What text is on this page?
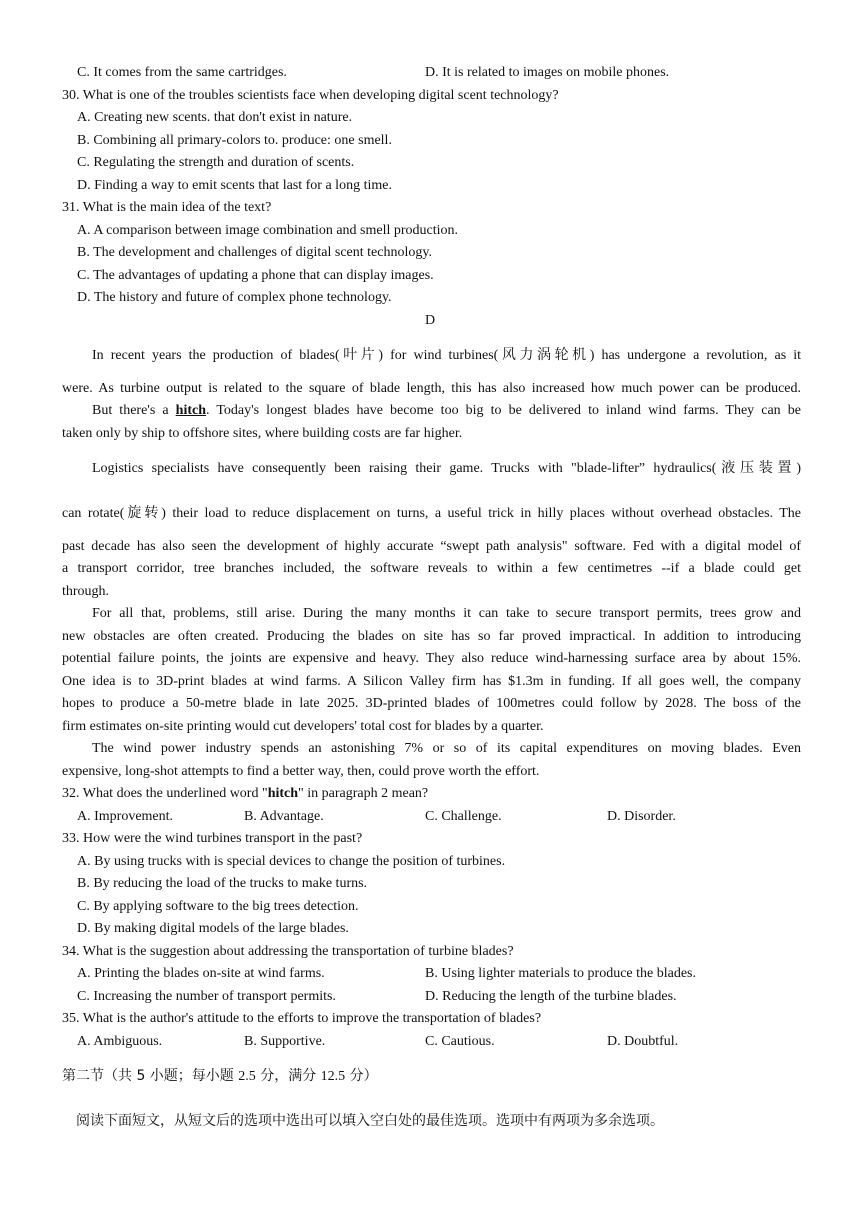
C. It comes from the same cartridges.	D. It is related to images on mobile phones.
30. What is one of the troubles scientists face when developing digital scent technology?
A. Creating new scents. that don't exist in nature.
B. Combining all primary-colors to. produce: one smell.
C. Regulating the strength and duration of scents.
D. Finding a way to emit scents that last for a long time.
31. What is the main idea of the text?
A. A comparison between image combination and smell production.
B. The development and challenges of digital scent technology.
C. The advantages of updating a phone that can display images.
D. The history and future of complex phone technology.
D
In recent years the production of blades(叶片) for wind turbines(风力涡轮机) has undergone a revolution, as it
were. As turbine output is related to the square of blade length, this has also increased how much power can be produced.
But there's a hitch. Today's longest blades have become too big to be delivered to inland wind farms. They can be
taken only by ship to offshore sites, where building costs are far higher.
Logistics specialists have consequently been raising their game. Trucks with "blade-lifter” hydraulics(液压装置)
can rotate(旋转) their load to reduce displacement on turns, a useful trick in hilly places without overhead obstacles. The
past decade has also seen the development of highly accurate “swept path analysis" software. Fed with a digital model of
a transport corridor, tree branches included, the software reveals to within a few centimetres --if a blade could get
through.
For all that, problems, still arise. During the many months it can take to secure transport permits, trees grow and
new obstacles are often created. Producing the blades on site has so far proved impractical. In addition to introducing
potential failure points, the joints are expensive and heavy. They also reduce wind-harnessing surface area by about 15%.
One idea is to 3D-print blades at wind farms. A Silicon Valley firm has $1.3m in funding. If all goes well, the company
hopes to produce a 50-metre blade in late 2025. 3D-printed blades of 100metres could follow by 2028. The boss of the
firm estimates on-site printing would cut developers' total cost for blades by a quarter.
The wind power industry spends an astonishing 7% or so of its capital expenditures on moving blades. Even
expensive, long-shot attempts to find a better way, then, could prove worth the effort.
32. What does the underlined word "hitch" in paragraph 2 mean?
A. Improvement.	B. Advantage.	C. Challenge.	D. Disorder.
33. How were the wind turbines transport in the past?
A. By using trucks with is special devices to change the position of turbines.
B. By reducing the load of the trucks to make turns.
C. By applying software to the big trees detection.
D. By making digital models of the large blades.
34. What is the suggestion about addressing the transportation of turbine blades?
A. Printing the blades on-site at wind farms.	B. Using lighter materials to produce the blades.
C. Increasing the number of transport permits.	D. Reducing the length of the turbine blades.
35. What is the author's attitude to the efforts to improve the transportation of blades?
A. Ambiguous.	B. Supportive.	C. Cautious.	D. Doubtful.
第二节（共 5 小题；每小题 2.5 分，满分 12.5 分）
阅读下面短文，从短文后的选项中选出可以填入空白处的最佳选项。选项中有两项为多余选项。
